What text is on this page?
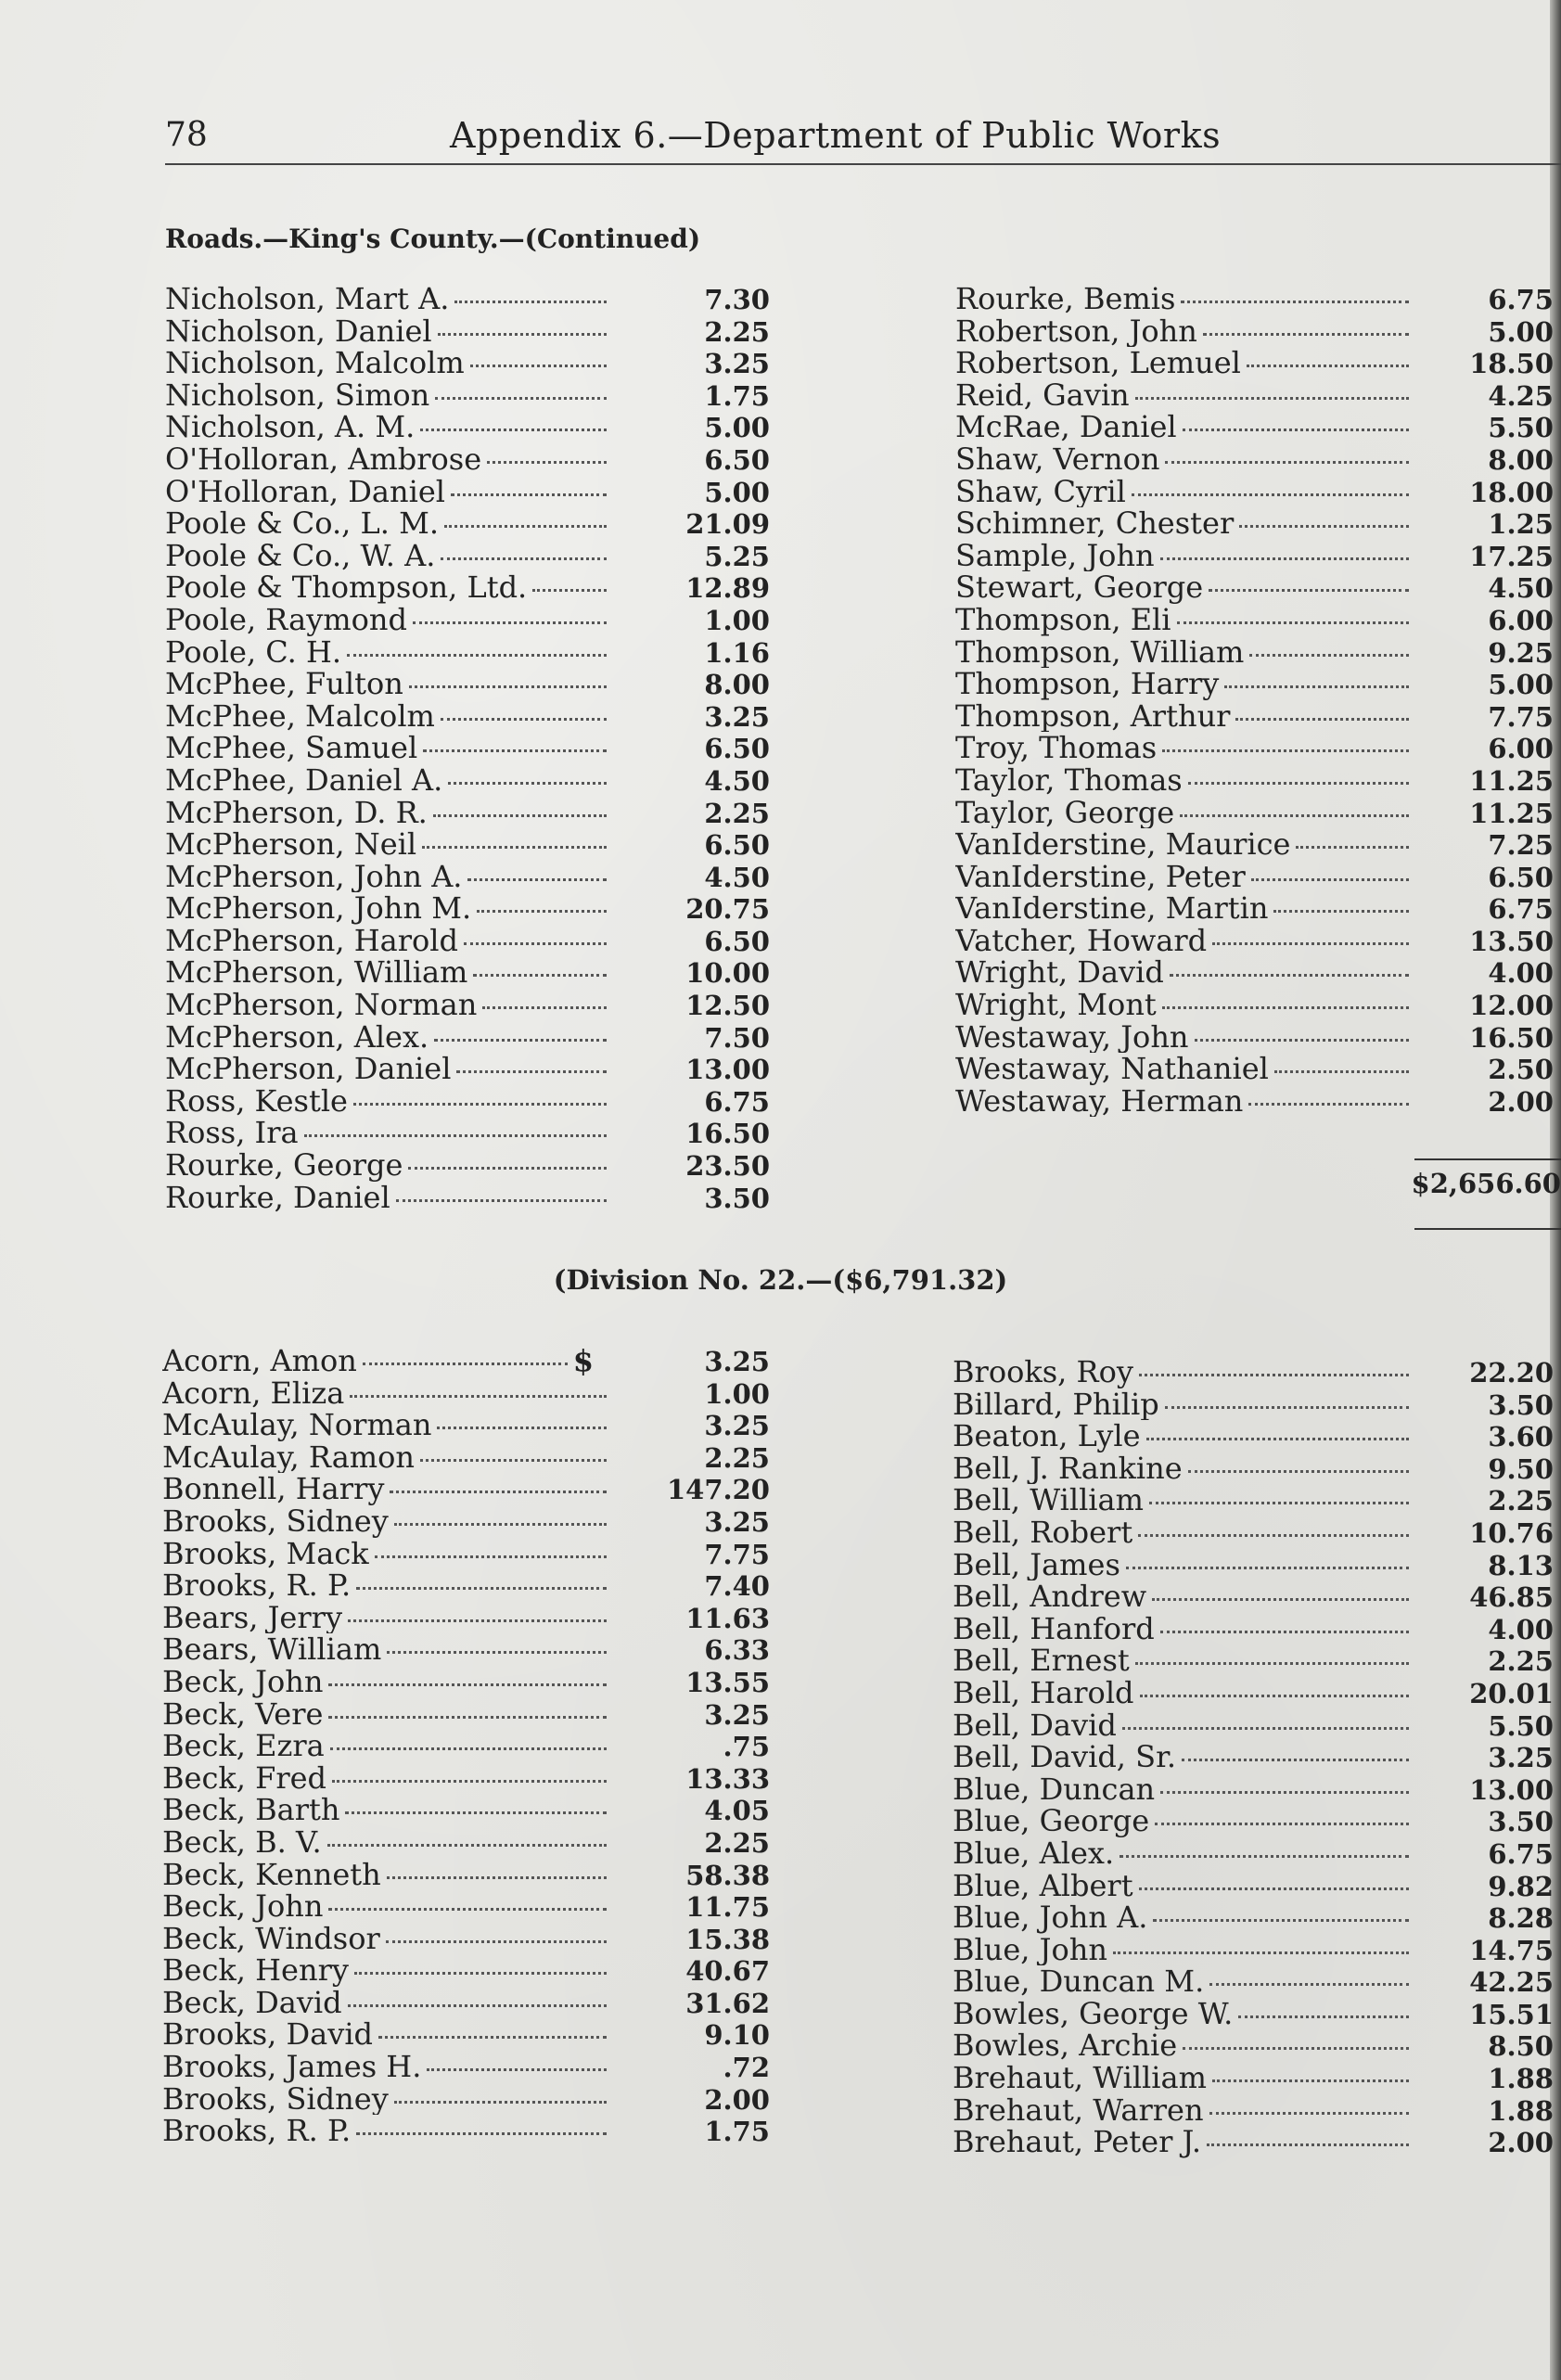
78	Appendix 6.—Department of Public Works
Roads.—King's County.—(Continued)
Nicholson, Mart A.	7.30
Nicholson, Daniel	2.25
Nicholson, Malcolm	3.25
Nicholson, Simon	1.75
Nicholson, A. M.	5.00
O'Holloran, Ambrose	6.50
O'Holloran, Daniel	5.00
Poole & Co., L. M.	21.09
Poole & Co., W. A.	5.25
Poole & Thompson, Ltd.	12.89
Poole, Raymond	1.00
Poole, C. H.	1.16
McPhee, Fulton	8.00
McPhee, Malcolm	3.25
McPhee, Samuel	6.50
McPhee, Daniel A.	4.50
McPherson, D. R.	2.25
McPherson, Neil	6.50
McPherson, John A.	4.50
McPherson, John M.	20.75
McPherson, Harold	6.50
McPherson, William	10.00
McPherson, Norman	12.50
McPherson, Alex.	7.50
McPherson, Daniel	13.00
Ross, Kestle	6.75
Ross, Ira	16.50
Rourke, George	23.50
Rourke, Daniel	3.50
Rourke, Bemis	6.75
Robertson, John	5.00
Robertson, Lemuel	18.50
Reid, Gavin	4.25
McRae, Daniel	5.50
Shaw, Vernon	8.00
Shaw, Cyril	18.00
Schimner, Chester	1.25
Sample, John	17.25
Stewart, George	4.50
Thompson, Eli	6.00
Thompson, William	9.25
Thompson, Harry	5.00
Thompson, Arthur	7.75
Troy, Thomas	6.00
Taylor, Thomas	11.25
Taylor, George	11.25
VanIderstine, Maurice	7.25
VanIderstine, Peter	6.50
VanIderstine, Martin	6.75
Vatcher, Howard	13.50
Wright, David	4.00
Wright, Mont	12.00
Westaway, John	16.50
Westaway, Nathaniel	2.50
Westaway, Herman	2.00
$2,656.60
(Division No. 22.—($6,791.32)
Acorn, Amon	$	3.25
Acorn, Eliza	1.00
McAulay, Norman	3.25
McAulay, Ramon	2.25
Bonnell, Harry	147.20
Brooks, Sidney	3.25
Brooks, Mack	7.75
Brooks, R. P.	7.40
Bears, Jerry	11.63
Bears, William	6.33
Beck, John	13.55
Beck, Vere	3.25
Beck, Ezra	.75
Beck, Fred	13.33
Beck, Barth	4.05
Beck, B. V.	2.25
Beck, Kenneth	58.38
Beck, John	11.75
Beck, Windsor	15.38
Beck, Henry	40.67
Beck, David	31.62
Brooks, David	9.10
Brooks, James H.	.72
Brooks, Sidney	2.00
Brooks, R. P.	1.75
Brooks, Roy	22.20
Billard, Philip	3.50
Beaton, Lyle	3.60
Bell, J. Rankine	9.50
Bell, William	2.25
Bell, Robert	10.76
Bell, James	8.13
Bell, Andrew	46.85
Bell, Hanford	4.00
Bell, Ernest	2.25
Bell, Harold	20.01
Bell, David	5.50
Bell, David, Sr.	3.25
Blue, Duncan	13.00
Blue, George	3.50
Blue, Alex.	6.75
Blue, Albert	9.82
Blue, John A.	8.28
Blue, John	14.75
Blue, Duncan M.	42.25
Bowles, George W.	15.51
Bowles, Archie	8.50
Brehaut, William	1.88
Brehaut, Warren	1.88
Brehaut, Peter J.	2.00
